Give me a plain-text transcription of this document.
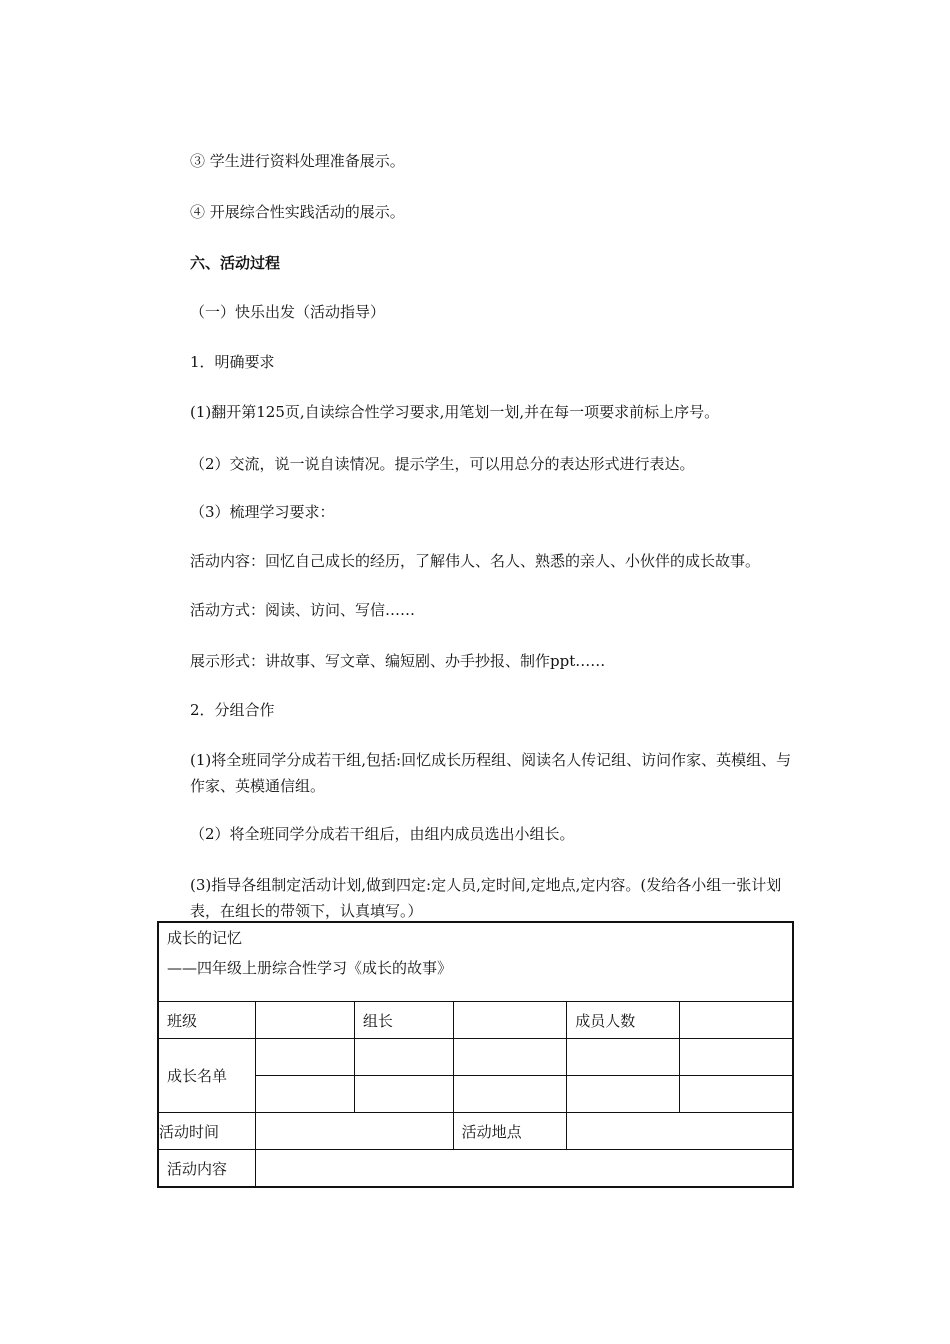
③ 学生进行资料处理准备展示。
④ 开展综合性实践活动的展示。
六、活动过程
（一）快乐出发（活动指导）
1．明确要求
(1)翻开第125页,自读综合性学习要求,用笔划一划,并在每一项要求前标上序号。
（2）交流，说一说自读情况。提示学生，可以用总分的表达形式进行表达。
（3）梳理学习要求：
活动内容：回忆自己成长的经历，了解伟人、名人、熟悉的亲人、小伙伴的成长故事。
活动方式：阅读、访问、写信……
展示形式：讲故事、写文章、编短剧、办手抄报、制作ppt……
2．分组合作
(1)将全班同学分成若干组,包括:回忆成长历程组、阅读名人传记组、访问作家、英模组、与作家、英模通信组。
（2）将全班同学分成若干组后，由组内成员选出小组长。
(3)指导各组制定活动计划,做到四定:定人员,定时间,定地点,定内容。(发给各小组一张计划表，在组长的带领下，认真填写。）
成长的记忆
——四年级上册综合性学习《成长的故事》					

班级		组长		成员人数	
成长名单					

活动时间			活动地点		
活动内容					
